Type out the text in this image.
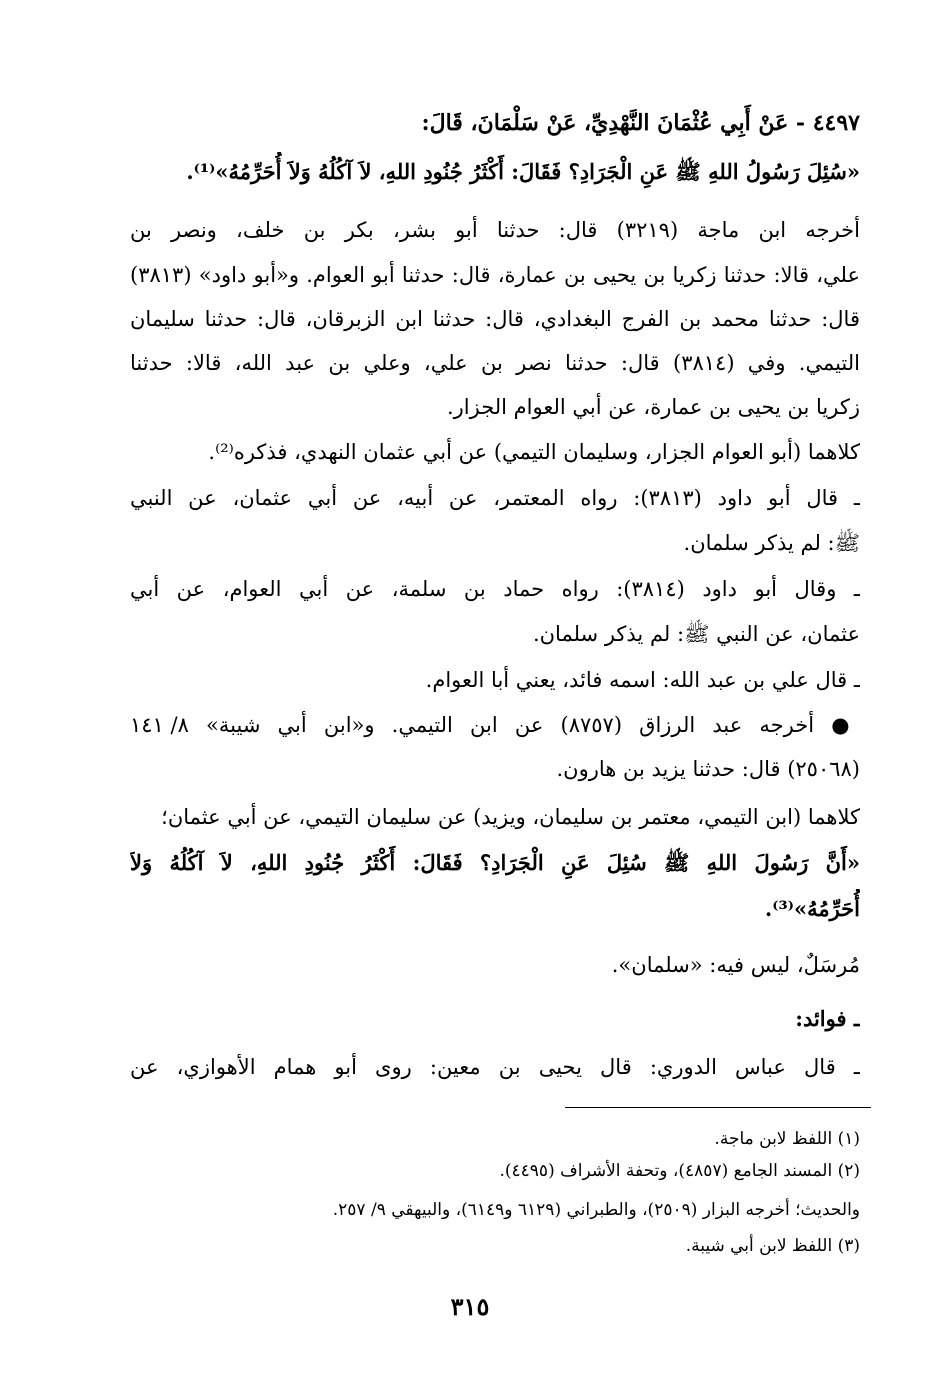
٤٤٩٧ - عَنْ أَبِي عُثْمَانَ النَّهْدِيِّ، عَنْ سَلْمَانَ، قَالَ:
«سُئِلَ رَسُولُ اللهِ ﷺ عَنِ الْجَرَادِ؟ فَقَالَ: أَكْثَرُ جُنُودِ اللهِ، لاَ آكُلُهُ وَلاَ أُحَرِّمُهُ»⁽¹⁾.
أخرجه ابن ماجة (٣٢١٩) قال: حدثنا أبو بشر، بكر بن خلف، ونصر بن
علي، قالا: حدثنا زكريا بن يحيى بن عمارة، قال: حدثنا أبو العوام. و«أبو داود» (٣٨١٣)
قال: حدثنا محمد بن الفرج البغدادي، قال: حدثنا ابن الزبرقان، قال: حدثنا سليمان
التيمي. وفي (٣٨١٤) قال: حدثنا نصر بن علي، وعلي بن عبد الله، قالا: حدثنا
زكريا بن يحيى بن عمارة، عن أبي العوام الجزار.
كلاهما (أبو العوام الجزار، وسليمان التيمي) عن أبي عثمان النهدي، فذكره⁽²⁾.
ـ قال أبو داود (٣٨١٣): رواه المعتمر، عن أبيه، عن أبي عثمان، عن النبي
ﷺ: لم يذكر سلمان.
ـ وقال أبو داود (٣٨١٤): رواه حماد بن سلمة، عن أبي العوام، عن أبي
عثمان، عن النبي ﷺ: لم يذكر سلمان.
ـ قال علي بن عبد الله: اسمه فائد، يعني أبا العوام.
● أخرجه عبد الرزاق (٨٧٥٧) عن ابن التيمي. و«ابن أبي شيبة» ٨/ ١٤١
(٢٥٠٦٨) قال: حدثنا يزيد بن هارون.
كلاهما (ابن التيمي، معتمر بن سليمان، ويزيد) عن سليمان التيمي، عن أبي عثمان؛
«أَنَّ رَسُولَ اللهِ ﷺ سُئِلَ عَنِ الْجَرَادِ؟ فَقَالَ: أَكْثَرُ جُنُودِ اللهِ، لاَ آكُلُهُ وَلاَ
أُحَرِّمُهُ»⁽³⁾.
مُرسَلٌ، ليس فيه: «سلمان».
ـ فوائد:
ـ قال عباس الدوري: قال يحيى بن معين: روى أبو همام الأهوازي، عن
(١) اللفظ لابن ماجة.
(٢) المسند الجامع (٤٨٥٧)، وتحفة الأشراف (٤٤٩٥).
والحديث؛ أخرجه البزار (٢٥٠٩)، والطبراني (٦١٢٩ و٦١٤٩)، والبيهقي ٩/ ٢٥٧.
(٣) اللفظ لابن أبي شيبة.
٣١٥
